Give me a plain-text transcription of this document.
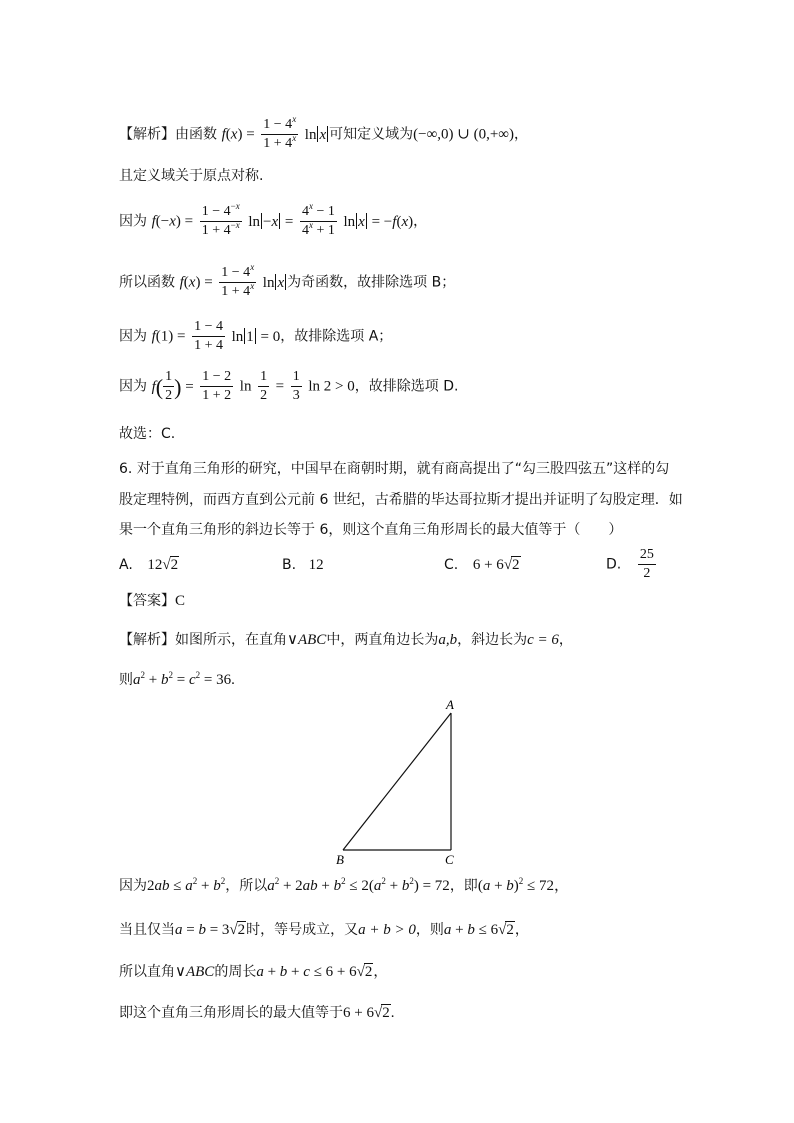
【解析】由函数 $f(x) = \frac{1 - 4^x}{1 + 4^x}$ ln x 可知定义域为(−∞,0) ∪ (0,+∞)，
且定义域关于原点对称.
因为 $f(-x) = \frac{1 - 4^{-x}}{1 + 4^{-x}}$ $\ln -x = \frac{4^x - 1}{4^x + 1}$ ln x = −f(x)，
所以函数 $f(x) = \frac{1 - 4^x}{1 + 4^x}$ ln x 为奇函数，故排除选项 B；
因为 $f(1) = \frac{1 - 4}{1 + 4}$ ln 1 = 0，故排除选项 A；
因为 $f( \frac{1}{2}$ ) = $\frac{1 - 2}{1 + 2}$ $\ln \frac{1}{2} = \frac{1}{3}$ ln 2 > 0，故排除选项 D.
故选：C.
6. 对于直角三角形的研究，中国早在商朝时期，就有商高提出了“勾三股四弦五”这样的勾
股定理特例，而西方直到公元前 6 世纪，古希腊的毕达哥拉斯才提出并证明了勾股定理．如
果一个直角三角形的斜边长等于 6，则这个直角三角形周长的最大值等于（　　）
A. 12√2	B. 12	C. 6 + 6√2	D. $\frac{25}{2}$
【答案】C
【解析】如图所示，在直角∨ABC中，两直角边长为a,b，斜边长为c = 6，
则$a^2 + b^2 = c^2 = 36$.
A
B	C
因为$2ab \le a^2 + b^2$，所以$a^2 + 2ab + b^2 \le 2(a^2 + b^2) = 72$，即$(a + b)^2 \le 72$，
当且仅当a = b = 3√2时，等号成立，又a + b > 0，则a + b ≤ 6√2，
所以直角∨ABC的周长a + b + c ≤ 6 + 6√2，
即这个直角三角形周长的最大值等于6 + 6√2.
